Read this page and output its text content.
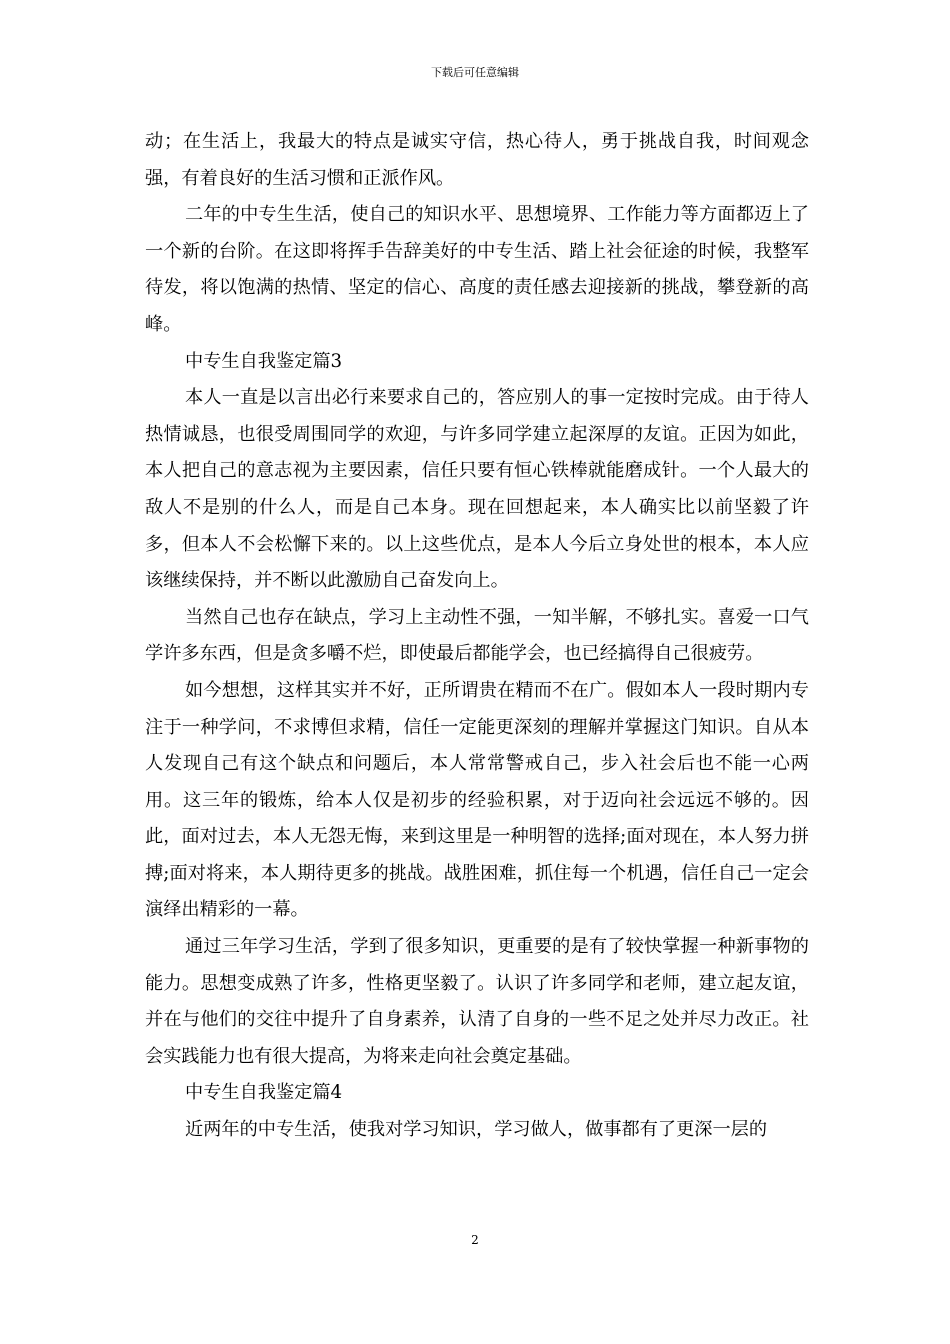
下载后可任意编辑

动；在生活上，我最大的特点是诚实守信，热心待人，勇于挑战自我，时间观念强，有着良好的生活习惯和正派作风。

二年的中专生生活，使自己的知识水平、思想境界、工作能力等方面都迈上了一个新的台阶。在这即将挥手告辞美好的中专生活、踏上社会征途的时候，我整军待发，将以饱满的热情、坚定的信心、高度的责任感去迎接新的挑战，攀登新的高峰。

中专生自我鉴定篇3

本人一直是以言出必行来要求自己的，答应别人的事一定按时完成。由于待人热情诚恳，也很受周围同学的欢迎，与许多同学建立起深厚的友谊。正因为如此，本人把自己的意志视为主要因素，信任只要有恒心铁棒就能磨成针。一个人最大的敌人不是别的什么人，而是自己本身。现在回想起来，本人确实比以前坚毅了许多，但本人不会松懈下来的。以上这些优点，是本人今后立身处世的根本，本人应该继续保持，并不断以此激励自己奋发向上。

当然自己也存在缺点，学习上主动性不强，一知半解，不够扎实。喜爱一口气学许多东西，但是贪多嚼不烂，即使最后都能学会，也已经搞得自己很疲劳。

如今想想，这样其实并不好，正所谓贵在精而不在广。假如本人一段时期内专注于一种学问，不求博但求精，信任一定能更深刻的理解并掌握这门知识。自从本人发现自己有这个缺点和问题后，本人常常警戒自己，步入社会后也不能一心两用。这三年的锻炼，给本人仅是初步的经验积累，对于迈向社会远远不够的。因此，面对过去，本人无怨无悔，来到这里是一种明智的选择;面对现在，本人努力拼搏;面对将来，本人期待更多的挑战。战胜困难，抓住每一个机遇，信任自己一定会演绎出精彩的一幕。

通过三年学习生活，学到了很多知识，更重要的是有了较快掌握一种新事物的能力。思想变成熟了许多，性格更坚毅了。认识了许多同学和老师，建立起友谊，并在与他们的交往中提升了自身素养，认清了自身的一些不足之处并尽力改正。社会实践能力也有很大提高，为将来走向社会奠定基础。

中专生自我鉴定篇4

近两年的中专生活，使我对学习知识，学习做人，做事都有了更深一层的

2
